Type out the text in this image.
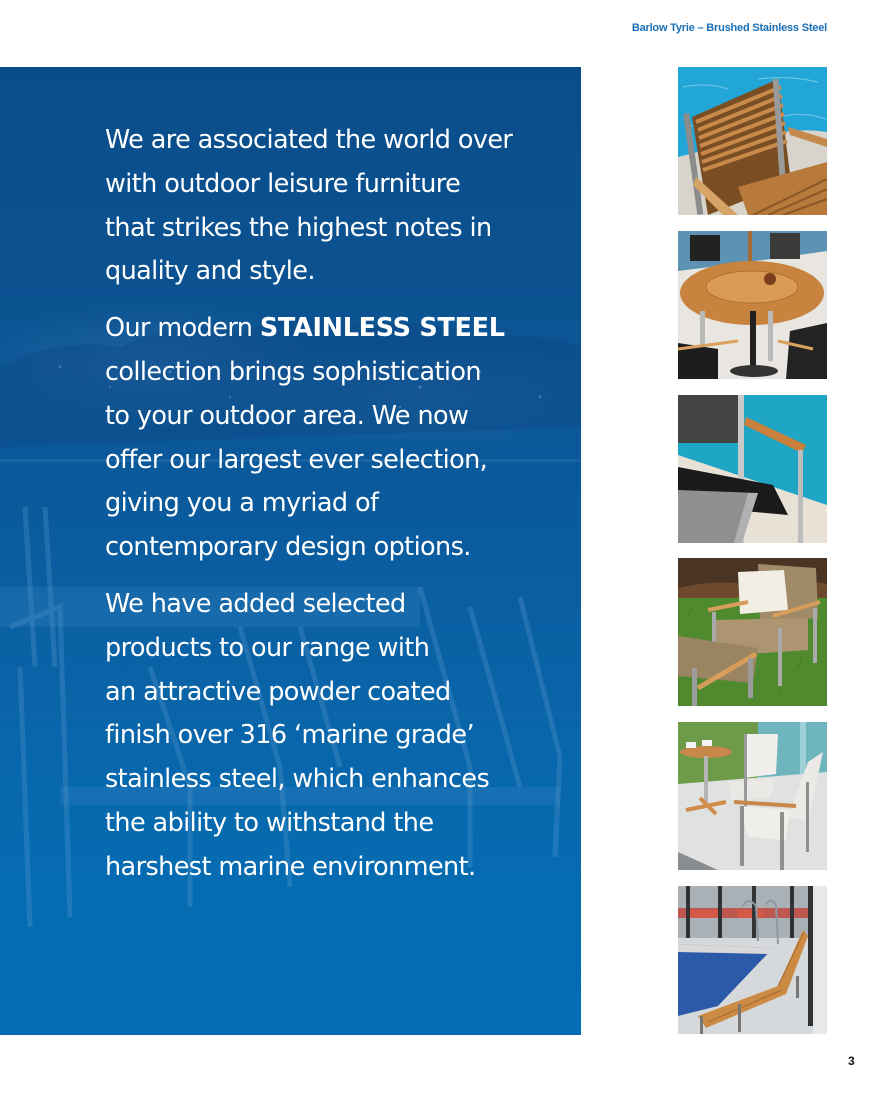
Barlow Tyrie – Brushed Stainless Steel

We are associated the world over
with outdoor leisure furniture
that strikes the highest notes in
quality and style.

Our modern STAINLESS STEEL
collection brings sophistication
to your outdoor area. We now
offer our largest ever selection,
giving you a myriad of
contemporary design options.

We have added selected
products to our range with
an attractive powder coated
finish over 316 ‘marine grade’
stainless steel, which enhances
the ability to withstand the
harshest marine environment.

3
